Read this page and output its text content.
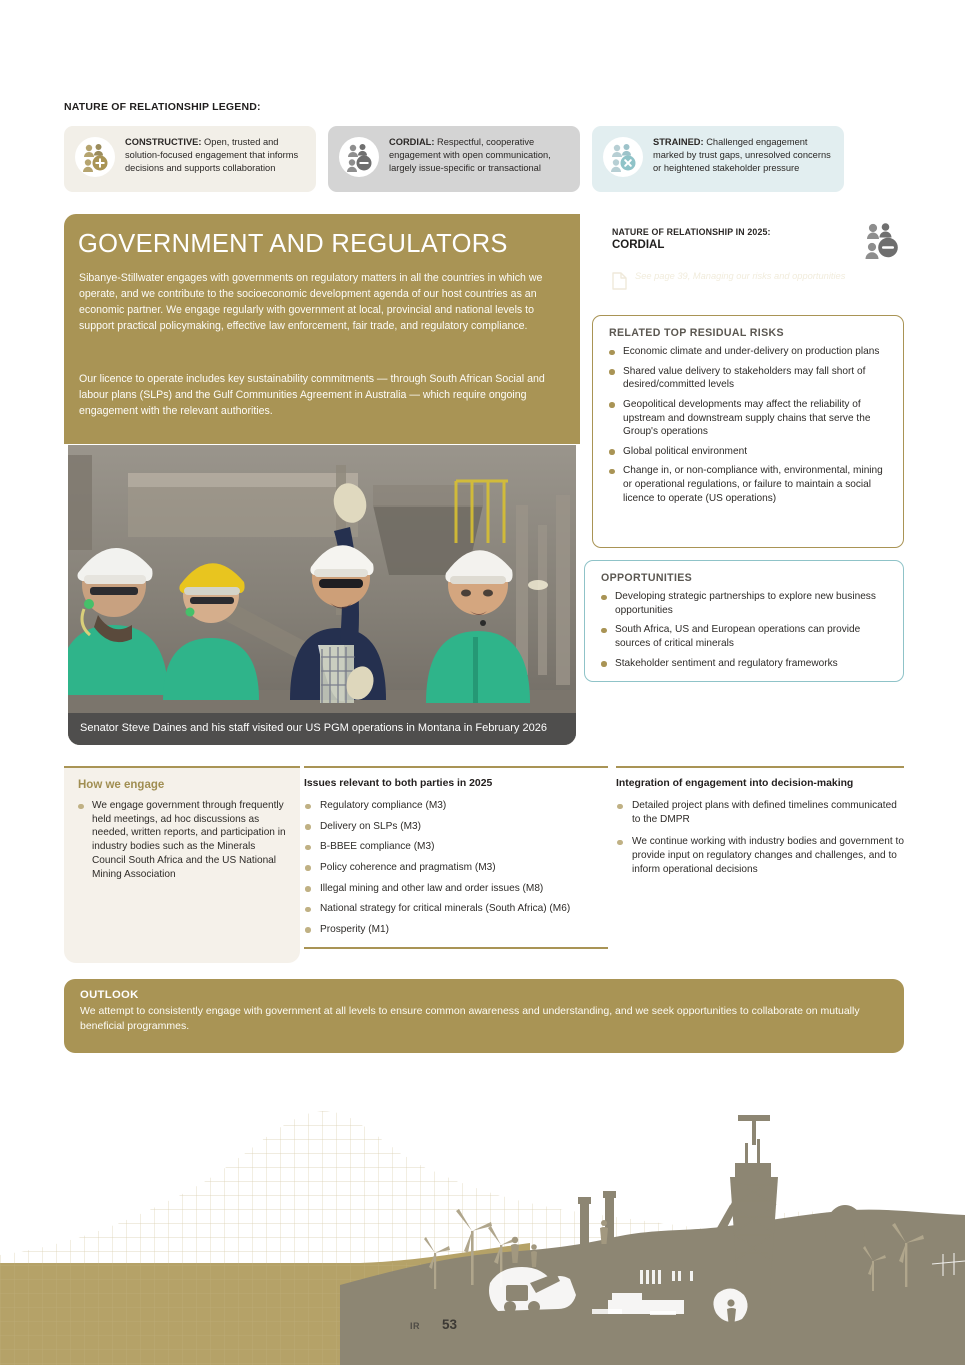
NATURE OF RELATIONSHIP LEGEND:
CONSTRUCTIVE: Open, trusted and solution-focused engagement that informs decisions and supports collaboration
CORDIAL: Respectful, cooperative engagement with open communication, largely issue-specific or transactional
STRAINED: Challenged engagement marked by trust gaps, unresolved concerns or heightened stakeholder pressure
GOVERNMENT AND REGULATORS

Sibanye-Stillwater engages with governments on regulatory matters in all the countries in which we operate, and we contribute to the socioeconomic development agenda of our host countries as an economic partner. We engage regularly with government at local, provincial and national levels to support practical policymaking, effective law enforcement, fair trade, and regulatory compliance.

Our licence to operate includes key sustainability commitments — through South African Social and labour plans (SLPs) and the Gulf Communities Agreement in Australia — which require ongoing engagement with the relevant authorities.

Senator Steve Daines and his staff visited our US PGM operations in Montana in February 2026
NATURE OF RELATIONSHIP IN 2025:
CORDIAL
See page 39, Managing our risks and opportunities
RELATED TOP RESIDUAL RISKS
Economic climate and under-delivery on production plans
Shared value delivery to stakeholders may fall short of desired/committed levels
Geopolitical developments may affect the reliability of upstream and downstream supply chains that serve the Group's operations
Global political environment
Change in, or non-compliance with, environmental, mining or operational regulations, or failure to maintain a social licence to operate (US operations)
OPPORTUNITIES
Developing strategic partnerships to explore new business opportunities
South Africa, US and European operations can provide sources of critical minerals
Stakeholder sentiment and regulatory frameworks
How we engage
We engage government through frequently held meetings, ad hoc discussions as needed, written reports, and participation in industry bodies such as the Minerals Council South Africa and the US National Mining Association
Issues relevant to both parties in 2025
Regulatory compliance (M3)
Delivery on SLPs (M3)
B-BBEE compliance (M3)
Policy coherence and pragmatism (M3)
Illegal mining and other law and order issues (M8)
National strategy for critical minerals (South Africa) (M6)
Prosperity (M1)
Integration of engagement into decision-making
Detailed project plans with defined timelines communicated to the DMPR
We continue working with industry bodies and government to provide input on regulatory changes and challenges, and to inform operational decisions
OUTLOOK

We attempt to consistently engage with government at all levels to ensure common awareness and understanding, and we seek opportunities to collaborate on mutually beneficial programmes.

IR 53
